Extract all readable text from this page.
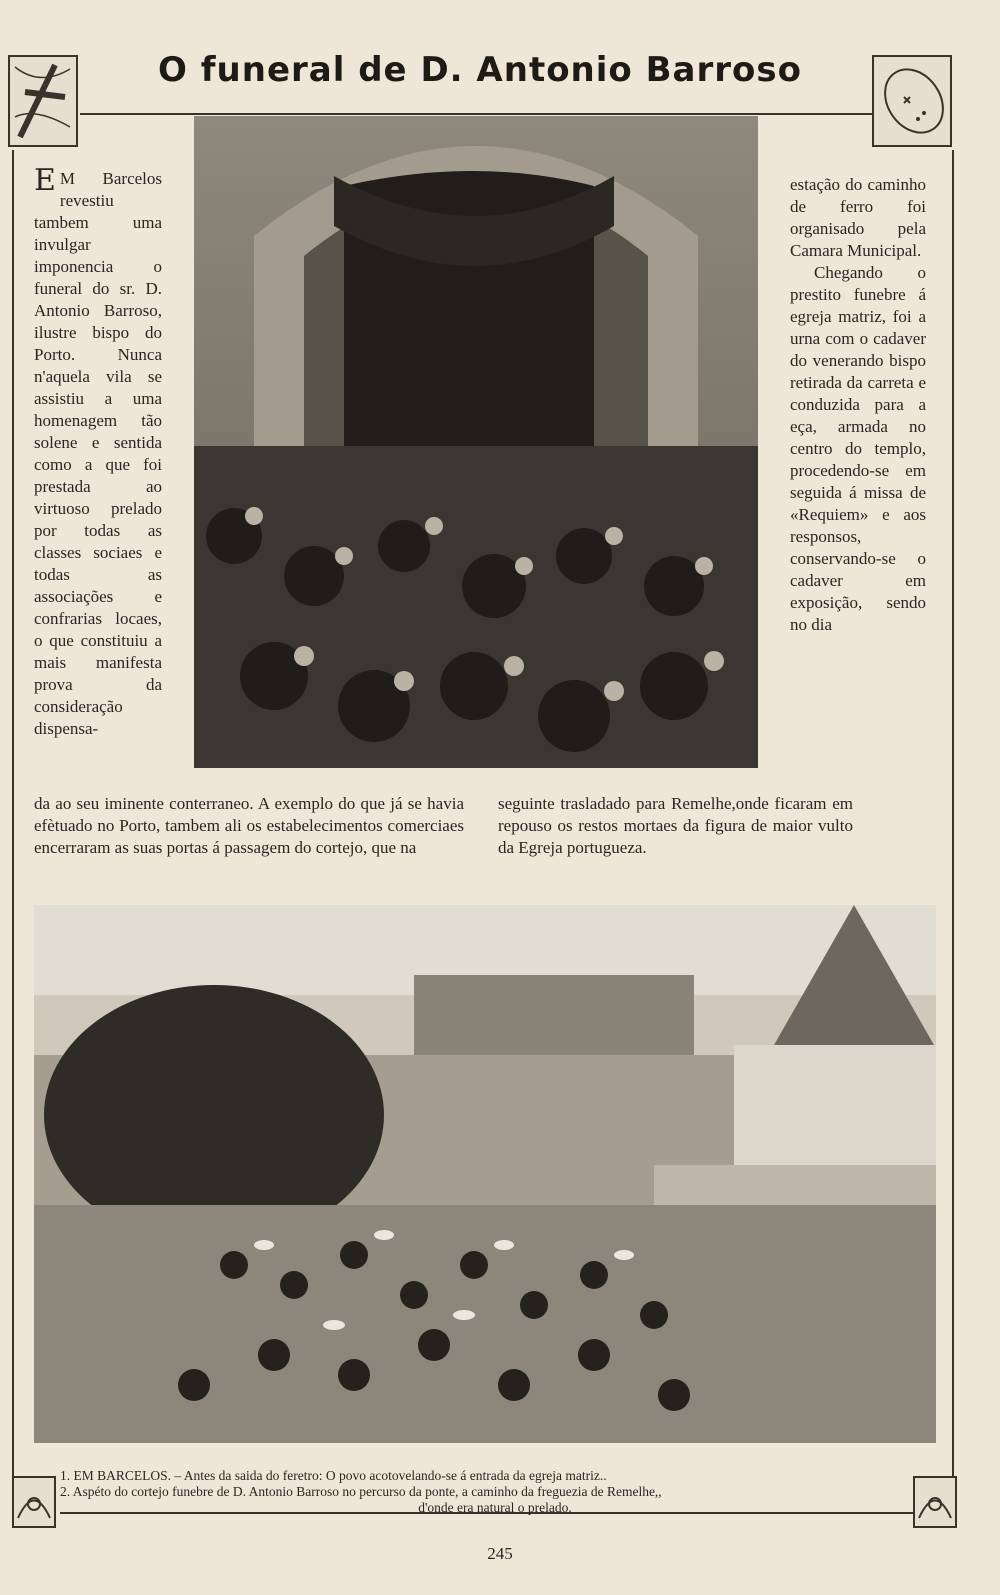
O funeral de D. Antonio Barroso

E M Barcelos revestiu tambem uma invulgar imponencia o funeral do sr. D. Antonio Barroso, ilustre bispo do Porto. Nunca n'aquela vila se assistiu a uma homenagem tão solene e sentida como a que foi prestada ao virtuoso prelado por todas as classes sociaes e todas as associações e confrarias locaes, o que constituiu a mais manifesta prova da consideração dispensa-

estação do caminho de ferro foi organisado pela Camara Municipal.

Chegando o prestito funebre á egreja matriz, foi a urna com o cadaver do venerando bispo retirada da carreta e conduzida para a eça, armada no centro do templo, procedendo-se em seguida á missa de «Requiem» e aos responsos, conservando-se o cadaver em exposição, sendo no dia

da ao seu iminente conterraneo. A exemplo do que já se havia efètuado no Porto, tambem ali os estabelecimentos comerciaes encerraram as suas portas á passagem do cortejo, que na
seguinte trasladado para Remelhe,onde ficaram em repouso os restos mortaes da figura de maior vulto da Egreja portugueza.
1. EM BARCELOS. – Antes da saida do feretro: O povo acotovelando-se á entrada da egreja matriz..
2. Aspéto do cortejo funebre de D. Antonio Barroso no percurso da ponte, a caminho da freguezia de Remelhe,,
d'onde era natural o prelado.
245
